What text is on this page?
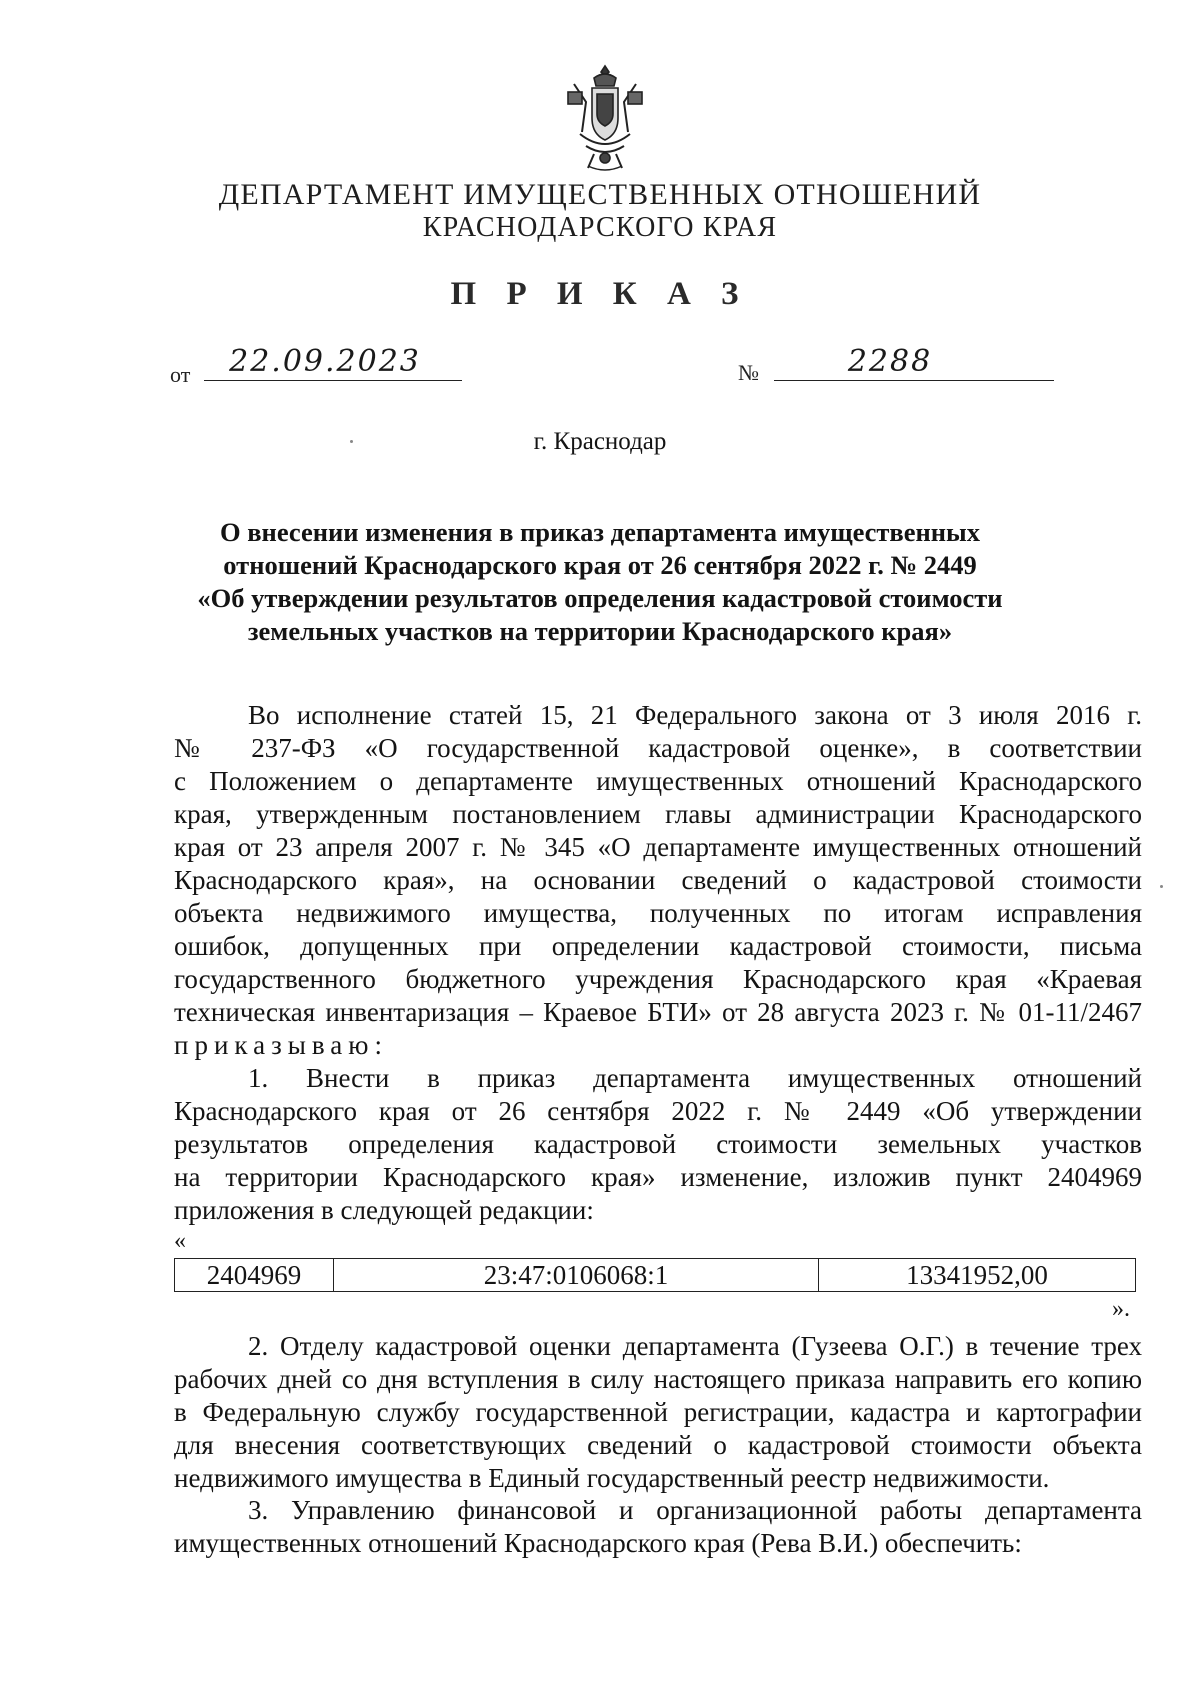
ДЕПАРТАМЕНТ ИМУЩЕСТВЕННЫХ ОТНОШЕНИЙ
КРАСНОДАРСКОГО КРАЯ
П Р И К А З
от	22.09.2023	№	2288
г. Краснодар
О внесении изменения в приказ департамента имущественных
отношений Краснодарского края от 26 сентября 2022 г. № 2449
«Об утверждении результатов определения кадастровой стоимости
земельных участков на территории Краснодарского края»
Во исполнение статей 15, 21 Федерального закона от 3 июля 2016 г.
№ 237-ФЗ «О государственной кадастровой оценке», в соответствии
с Положением о департаменте имущественных отношений Краснодарского
края, утвержденным постановлением главы администрации Краснодарского
края от 23 апреля 2007 г. № 345 «О департаменте имущественных отношений
Краснодарского края», на основании сведений о кадастровой стоимости
объекта недвижимого имущества, полученных по итогам исправления
ошибок, допущенных при определении кадастровой стоимости, письма
государственного бюджетного учреждения Краснодарского края «Краевая
техническая инвентаризация – Краевое БТИ» от 28 августа 2023 г. № 01-11/2467
приказываю:
1. Внести в приказ департамента имущественных отношений
Краснодарского края от 26 сентября 2022 г. № 2449 «Об утверждении
результатов определения кадастровой стоимости земельных участков
на территории Краснодарского края» изменение, изложив пункт 2404969
приложения в следующей редакции:
«
2404969	23:47:0106068:1	13341952,00
».
2. Отделу кадастровой оценки департамента (Гузеева О.Г.) в течение трех
рабочих дней со дня вступления в силу настоящего приказа направить его копию
в Федеральную службу государственной регистрации, кадастра и картографии
для внесения соответствующих сведений о кадастровой стоимости объекта
недвижимого имущества в Единый государственный реестр недвижимости.
3. Управлению финансовой и организационной работы департамента
имущественных отношений Краснодарского края (Рева В.И.) обеспечить:
